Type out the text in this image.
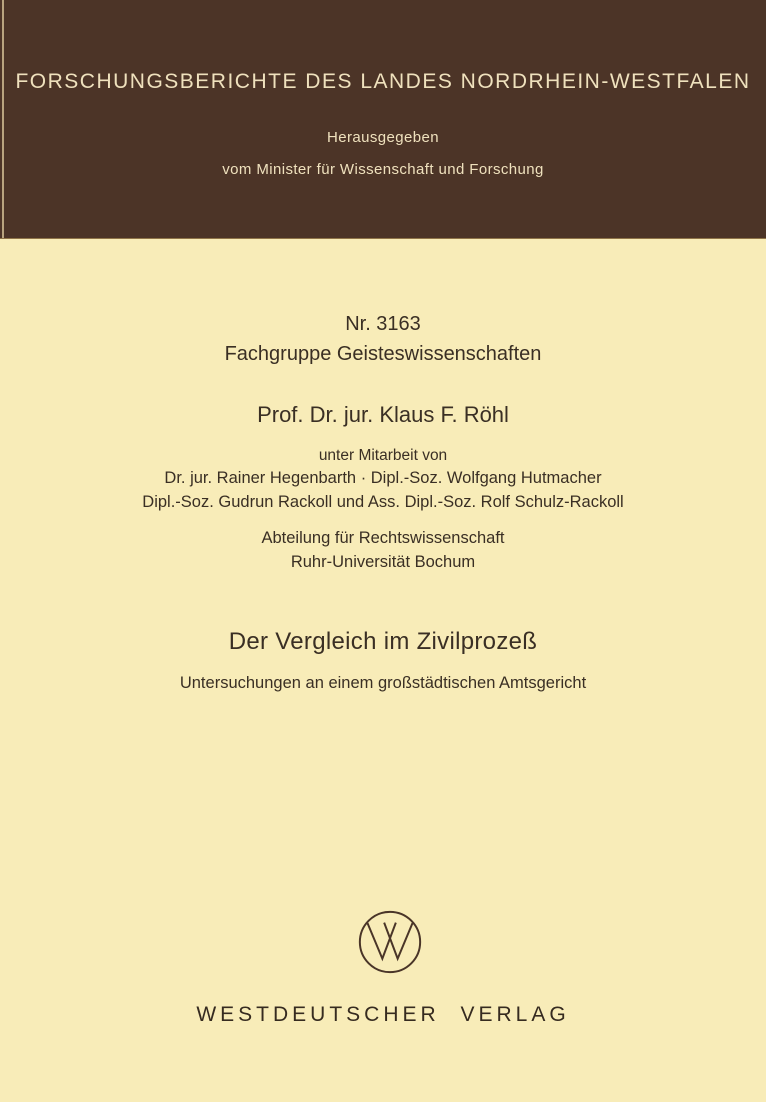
FORSCHUNGSBERICHTE DES LANDES NORDRHEIN-WESTFALEN
Herausgegeben
vom Minister für Wissenschaft und Forschung
Nr. 3163
Fachgruppe Geisteswissenschaften
Prof. Dr. jur. Klaus F. Röhl
unter Mitarbeit von
Dr. jur. Rainer Hegenbarth · Dipl.-Soz. Wolfgang Hutmacher
Dipl.-Soz. Gudrun Rackoll und Ass. Dipl.-Soz. Rolf Schulz-Rackoll
Abteilung für Rechtswissenschaft
Ruhr-Universität Bochum
Der Vergleich im Zivilprozeß
Untersuchungen an einem großstädtischen Amtsgericht
WESTDEUTSCHER VERLAG
